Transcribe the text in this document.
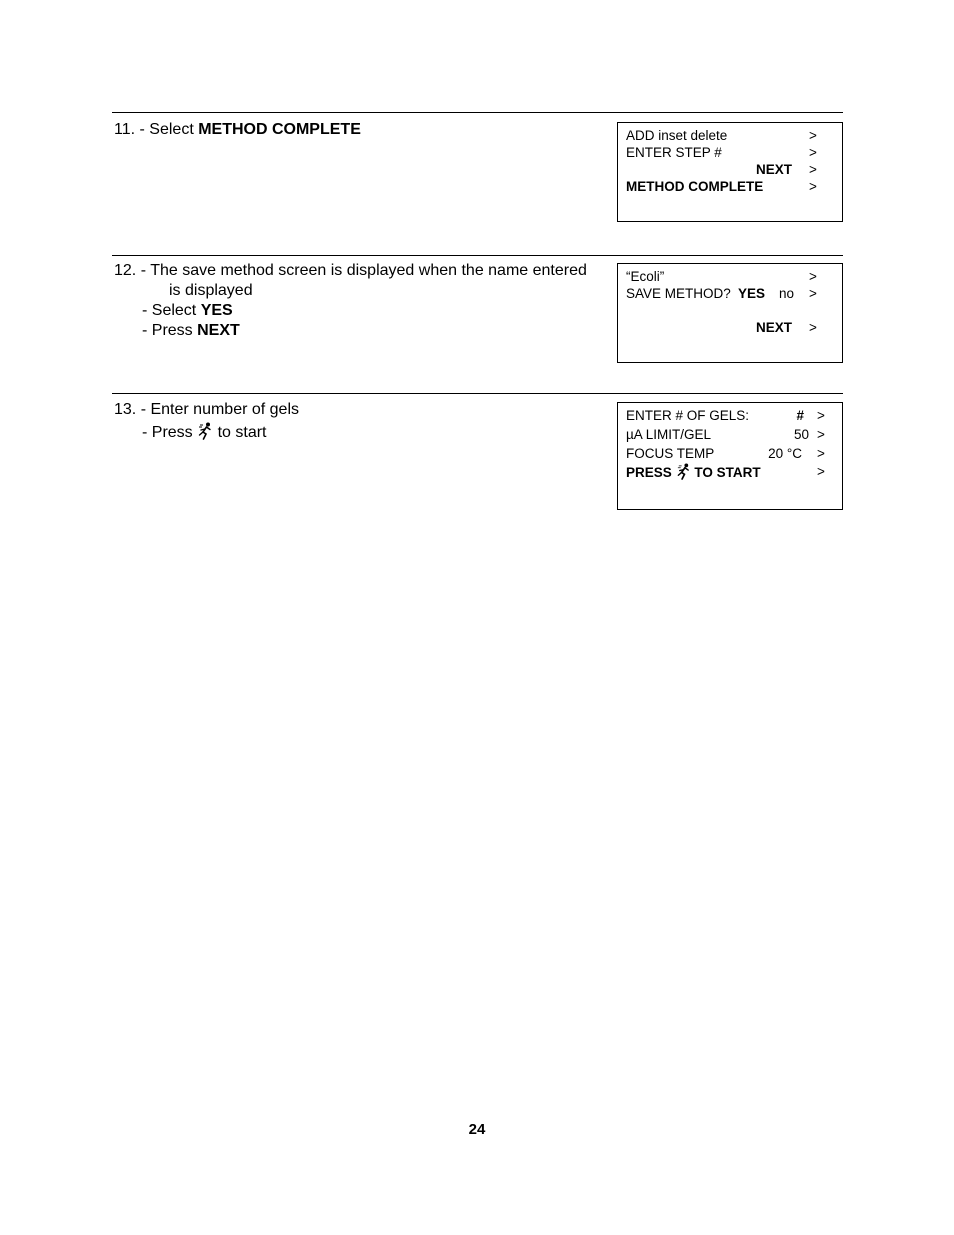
11. - Select METHOD COMPLETE	ADD inset delete	>
ENTER STEP #	>
NEXT >
METHOD COMPLETE	>
12. - The save method screen is displayed when the name entered
is displayed
- Select YES
- Press NEXT
“Ecoli”	>
SAVE METHOD? YES no >
NEXT >
13. - Enter number of gels
- Press to start
ENTER # OF GELS:	# >
µA LIMIT/GEL	50 >
FOCUS TEMP	20 °C >
PRESS TO START	>
24
